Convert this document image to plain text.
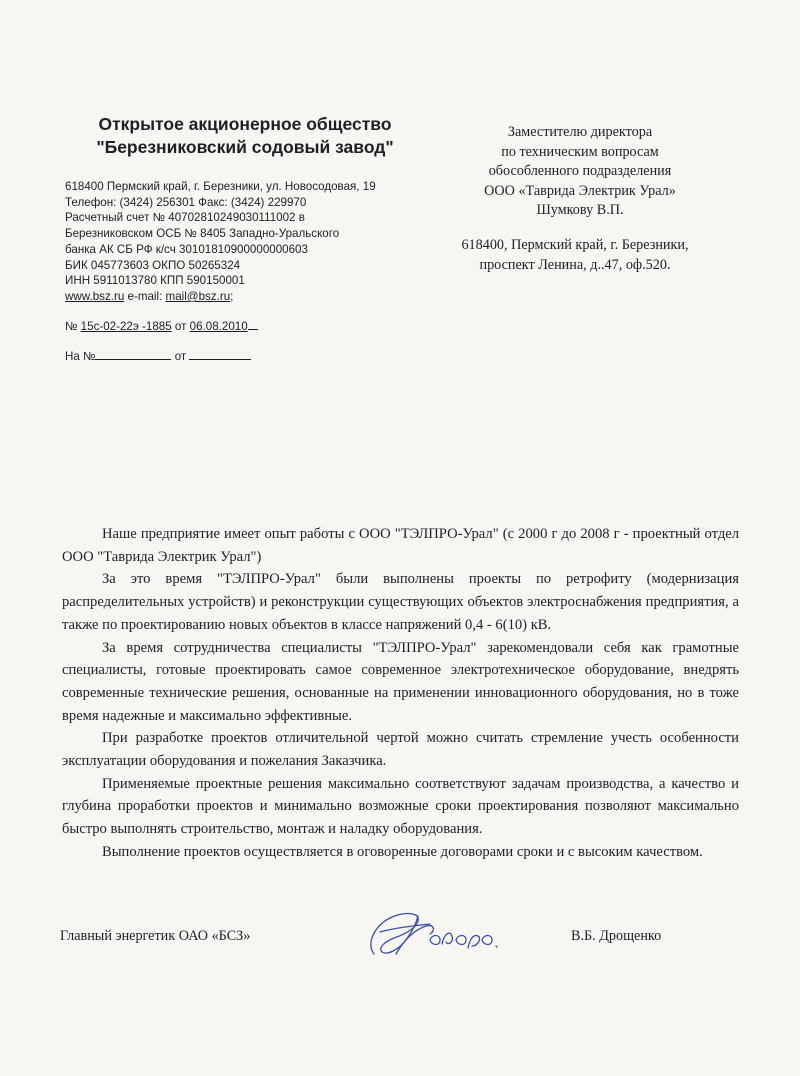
Открытое акционерное общество
"Березниковский содовый завод"
618400 Пермский край, г. Березники, ул. Новосодовая, 19
Телефон: (3424) 256301 Факс: (3424) 229970
Расчетный счет № 40702810249030111002 в
Березниковском ОСБ № 8405 Западно-Уральского
банка АК СБ РФ к/сч 30101810900000000603
БИК 045773603 ОКПО 50265324
ИНН 5911013780 КПП 590150001
www.bsz.ru e-mail: mail@bsz.ru;
№ 15с-02-22э -1885 от 06.08.2010
На №	от
Заместителю директора
по техническим вопросам
обособленного подразделения
ООО «Таврида Электрик Урал»
Шумкову В.П.
618400, Пермский край, г. Березники,
проспект Ленина, д..47, оф.520.

Наше предприятие имеет опыт работы с ООО "ТЭЛПРО-Урал" (с 2000 г до 2008 г - проектный отдел ООО "Таврида Электрик Урал")

За это время "ТЭЛПРО-Урал" были выполнены проекты по ретрофиту (модернизация распределительных устройств) и реконструкции существующих объектов электроснабжения предприятия, а также по проектированию новых объектов в классе напряжений 0,4 - 6(10) кВ.

За время сотрудничества специалисты "ТЭЛПРО-Урал" зарекомендовали себя как грамотные специалисты, готовые проектировать самое современное электротехническое оборудование, внедрять современные технические решения, основанные на применении инновационного оборудования, но в тоже время надежные и максимально эффективные.

При разработке проектов отличительной чертой можно считать стремление учесть особенности эксплуатации оборудования и пожелания Заказчика.

Применяемые проектные решения максимально соответствуют задачам производства, а качество и глубина проработки проектов и минимально возможные сроки проектирования позволяют максимально быстро выполнять строительство, монтаж и наладку оборудования.

Выполнение проектов осуществляется в оговоренные договорами сроки и с высоким качеством.

Главный энергетик ОАО «БСЗ»	В.Б. Дрощенко
